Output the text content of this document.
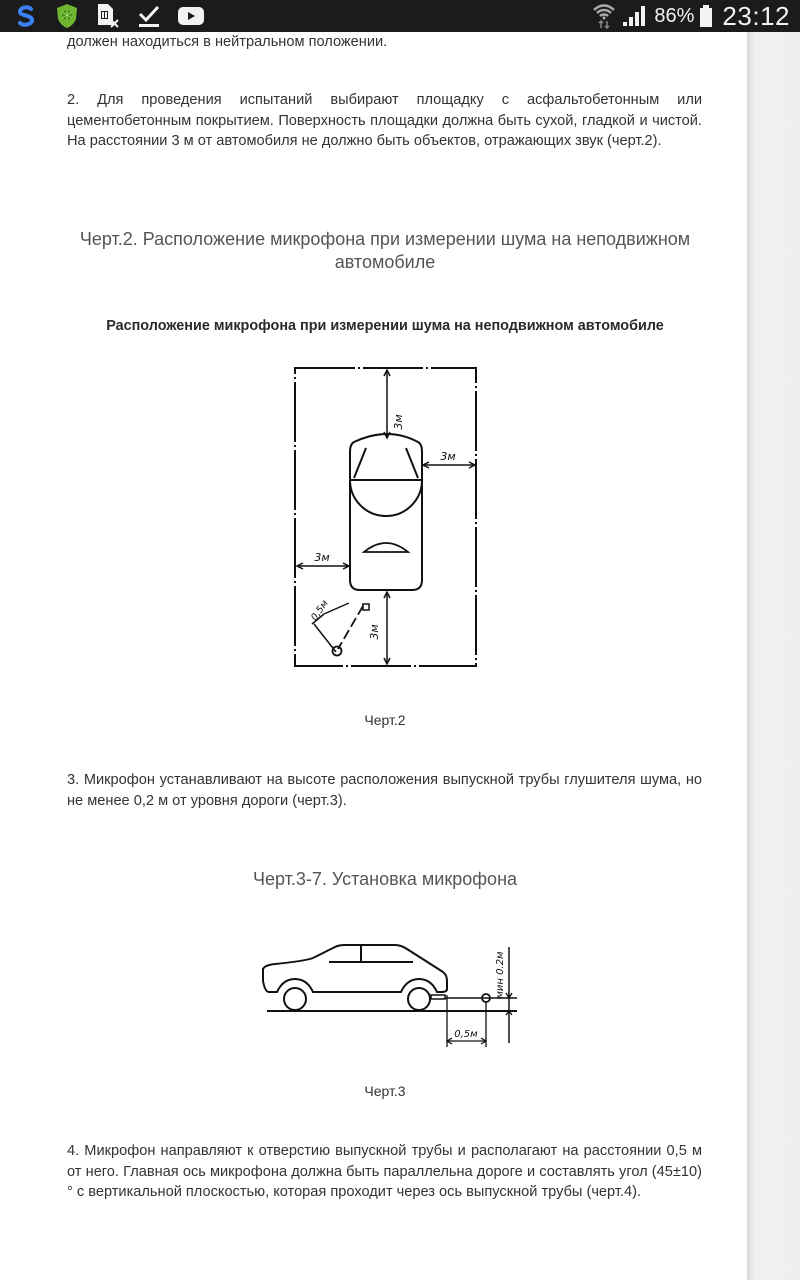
86% 23:12
должен находиться в нейтральном положении.
2. Для проведения испытаний выбирают площадку с асфальтобетонным или цементобетонным покрытием. Поверхность площадки должна быть сухой, гладкой и чистой. На расстоянии 3 м от автомобиля не должно быть объектов, отражающих звук (черт.2).
Черт.2. Расположение микрофона при измерении шума на неподвижном автомобиле
Расположение микрофона при измерении шума на неподвижном автомобиле
3м
3м
3м
3м
0,5м
Черт.2
3. Микрофон устанавливают на высоте расположения выпускной трубы глушителя шума, но не менее 0,2 м от уровня дороги (черт.3).
Черт.3-7. Установка микрофона
мин 0.2м
0,5м
Черт.3
4. Микрофон направляют к отверстию выпускной трубы и располагают на расстоянии 0,5 м от него. Главная ось микрофона должна быть параллельна дороге и составлять угол (45±10)° с вертикальной плоскостью, которая проходит через ось выпускной трубы (черт.4).
